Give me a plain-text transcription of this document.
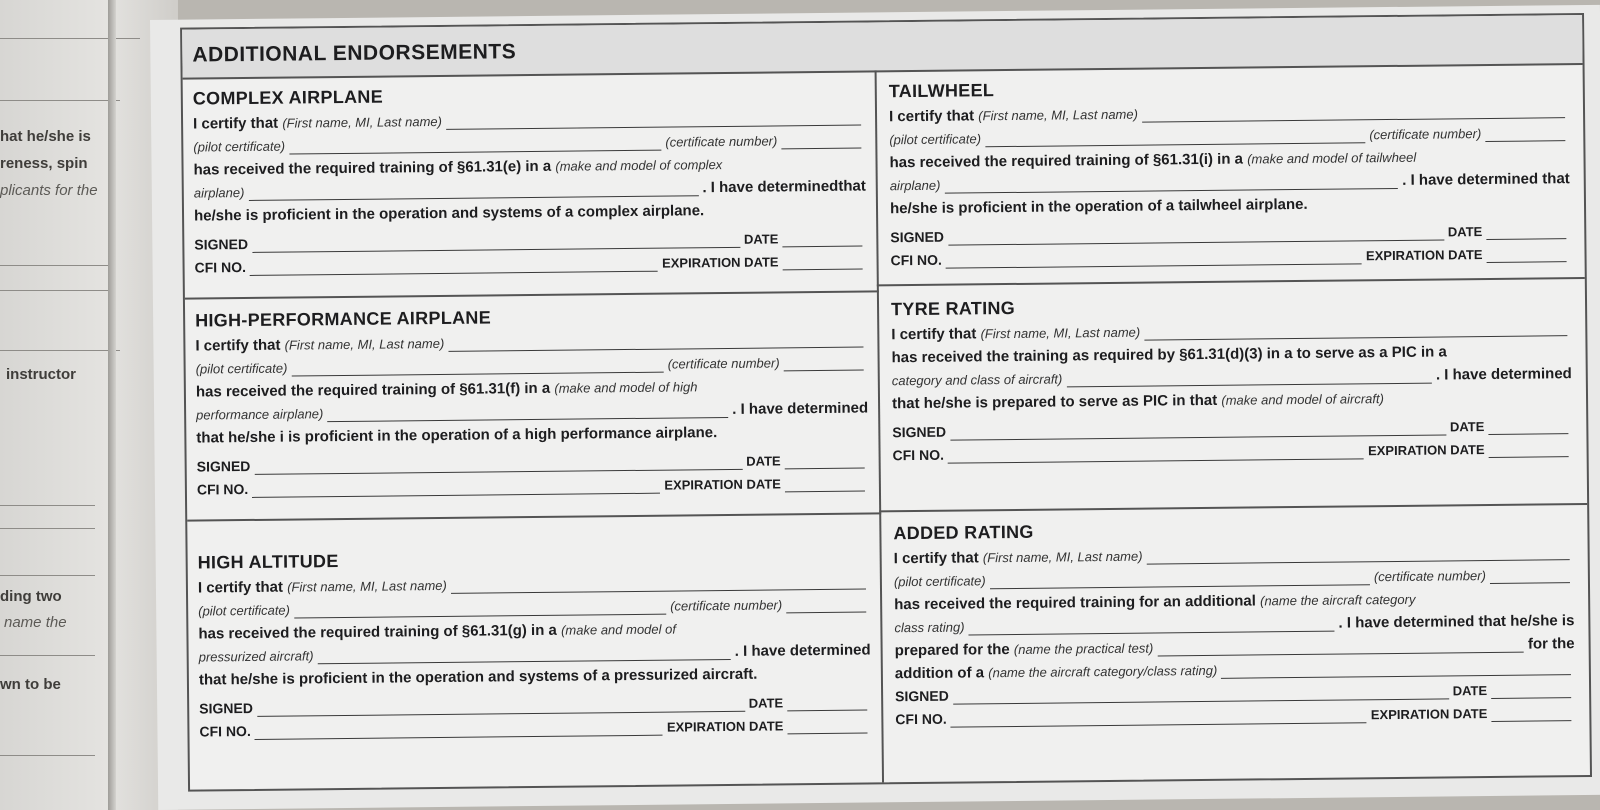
hat he/she is
reness, spin
plicants for the
instructor
ding two
name the
wn to be
ADDITIONAL ENDORSEMENTS
COMPLEX AIRPLANE
I certify that
(First name, MI, Last name)
(pilot certificate)	(certificate number)
has received the required training of §61.31(e) in a
(make and model of complex
airplane)	. I have determinedthat
he/she is proficient in the operation and systems of a complex airplane.
SIGNED	DATE
CFI NO.	EXPIRATION DATE
TAILWHEEL
I certify that
(First name, MI, Last name)
(pilot certificate)	(certificate number)
has received the required training of §61.31(i) in a
(make and model of tailwheel
airplane)	. I have determined that
he/she is proficient in the operation of a tailwheel airplane.
SIGNED	DATE
CFI NO.	EXPIRATION DATE
HIGH-PERFORMANCE AIRPLANE
I certify that
(First name, MI, Last name)
(pilot certificate)	(certificate number)
has received the required training of §61.31(f) in a
(make and model of high
performance airplane)	. I have determined
that he/she i is proficient in the operation of a high performance airplane.
SIGNED	DATE
CFI NO.	EXPIRATION DATE
TYRE RATING
I certify that
(First name, MI, Last name)
has received the training as required by §61.31(d)(3) in a to serve as a PIC in a
category and class of aircraft)	. I have determined
that he/she is prepared to serve as PIC in that
(make and model of aircraft)
SIGNED	DATE
CFI NO.	EXPIRATION DATE
HIGH ALTITUDE
I certify that
(First name, MI, Last name)
(pilot certificate)	(certificate number)
has received the required training of §61.31(g) in a
(make and model of
pressurized aircraft)	. I have determined
that he/she is proficient in the operation and systems of a pressurized aircraft.
SIGNED	DATE
CFI NO.	EXPIRATION DATE
ADDED RATING
I certify that
(First name, MI, Last name)
(pilot certificate)	(certificate number)
has received the required training for an additional
(name the aircraft category
class rating)	. I have determined that he/she is
prepared for the
(name the practical test)	for the
addition of a
(name the aircraft category/class rating)
SIGNED	DATE
CFI NO.	EXPIRATION DATE
